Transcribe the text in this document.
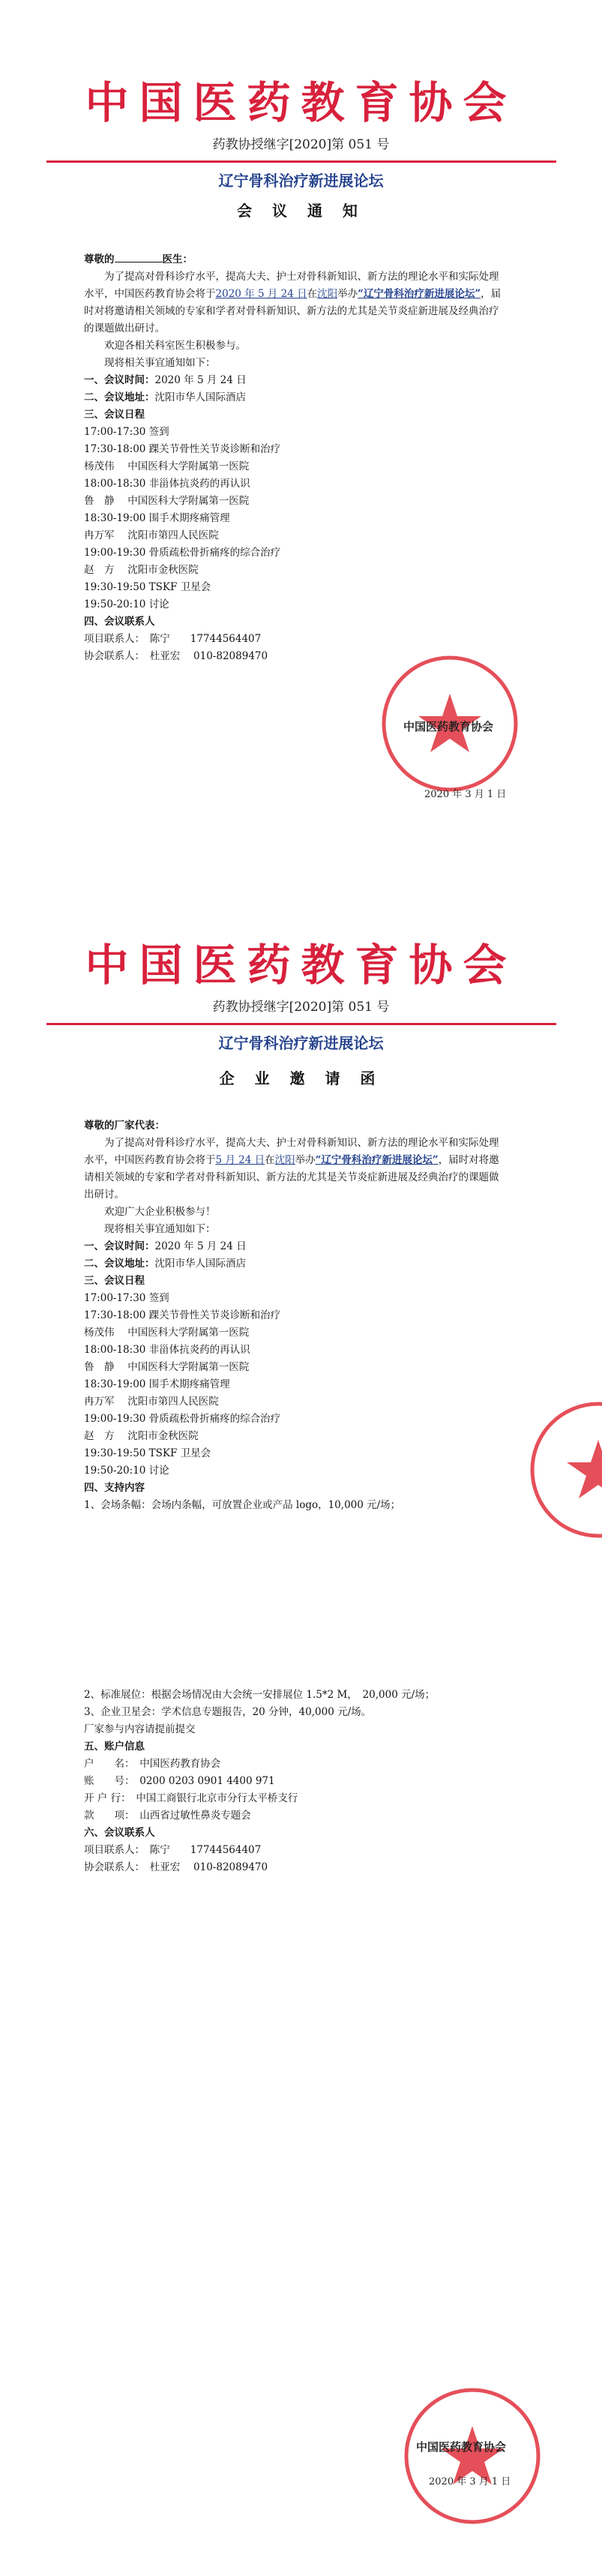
中国医药教育协会
药教协授继字[2020]第 051 号
辽宁骨科治疗新进展论坛
会 议 通 知

尊敬的	医生：

为了提高对骨科诊疗水平，提高大夫、护士对骨科新知识、新方法的理论水平和实际处理水平，中国医药教育协会将于2020 年 5 月 24 日在沈阳举办“辽宁骨科治疗新进展论坛”，届时对将邀请相关领域的专家和学者对骨科新知识、新方法的尤其是关节炎症新进展及经典治疗的课题做出研讨。

欢迎各相关科室医生积极参与。

现将相关事宜通知如下：

一、会议时间：2020 年 5 月 24 日

二、会议地址：沈阳市华人国际酒店

三、会议日程

17:00-17:30 签到

17:30-18:00 踝关节骨性关节炎诊断和治疗

杨茂伟　 中国医科大学附属第一医院

18:00-18:30 非甾体抗炎药的再认识

鲁　静　 中国医科大学附属第一医院

18:30-19:00 围手术期疼痛管理

冉万军　 沈阳市第四人民医院

19:00-19:30 骨质疏松骨折痛疼的综合治疗

赵　方　 沈阳市金秋医院

19:30-19:50 TSKF 卫星会

19:50-20:10 讨论

四、会议联系人

项目联系人：　陈宁　　17744564407

协会联系人：　杜亚宏　 010-82089470

中国医药教育协会
2020 年 3 月 1 日
中国医药教育协会
药教协授继字[2020]第 051 号
辽宁骨科治疗新进展论坛
企 业 邀 请 函

尊敬的厂家代表：

为了提高对骨科诊疗水平，提高大夫、护士对骨科新知识、新方法的理论水平和实际处理水平，中国医药教育协会将于5 月 24 日在沈阳举办“辽宁骨科治疗新进展论坛”，届时对将邀请相关领域的专家和学者对骨科新知识、新方法的尤其是关节炎症新进展及经典治疗的课题做出研讨。

欢迎广大企业积极参与！

现将相关事宜通知如下：

一、会议时间：2020 年 5 月 24 日

二、会议地址：沈阳市华人国际酒店

三、会议日程

17:00-17:30 签到

17:30-18:00 踝关节骨性关节炎诊断和治疗

杨茂伟　 中国医科大学附属第一医院

18:00-18:30 非甾体抗炎药的再认识

鲁　静　 中国医科大学附属第一医院

18:30-19:00 围手术期疼痛管理

冉万军　 沈阳市第四人民医院

19:00-19:30 骨质疏松骨折痛疼的综合治疗

赵　方　 沈阳市金秋医院

19:30-19:50 TSKF 卫星会

19:50-20:10 讨论

四、支持内容

1、会场条幅：会场内条幅，可放置企业或产品 logo，10,000 元/场；

2、标准展位：根据会场情况由大会统一安排展位 1.5*2 M，　20,000 元/场；

3、企业卫星会：学术信息专题报告，20 分钟，40,000 元/场。

厂家参与内容请提前提交

五、账户信息

户　　名：　中国医药教育协会

账　　号：　0200 0203 0901 4400 971

开 户 行：　中国工商银行北京市分行太平桥支行

款　　项：　山西省过敏性鼻炎专题会

六、会议联系人

项目联系人：　陈宁　　17744564407

协会联系人：　杜亚宏　 010-82089470

中国医药教育协会
2020 年 3 月 1 日
